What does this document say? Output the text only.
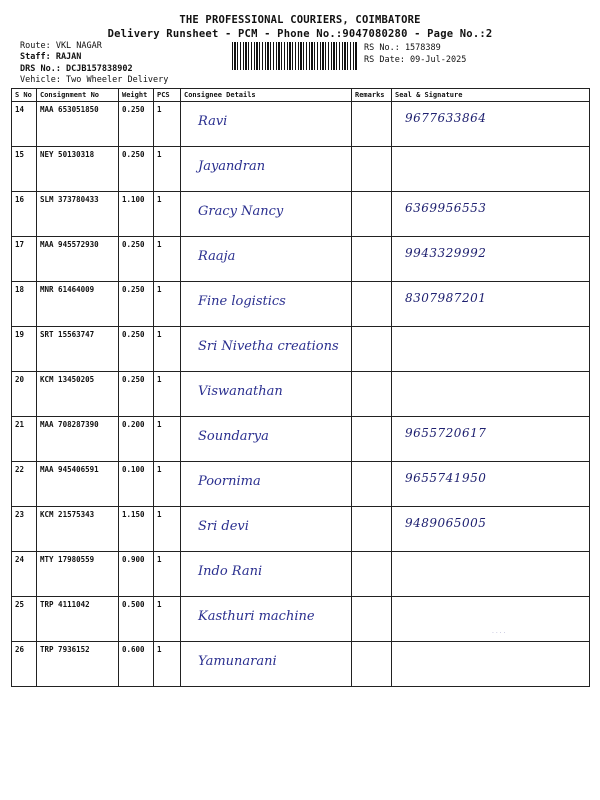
THE PROFESSIONAL COURIERS, COIMBATORE
Delivery Runsheet - PCM - Phone No.:9047080280 - Page No.:2
Route: VKL NAGAR
Staff: RAJAN
DRS No.: DCJB157838902
Vehicle: Two Wheeler Delivery
RS No.: 1578389
RS Date: 09-Jul-2025
S No	Consignment No	Weight	PCS	Consignee Details	Remarks	Seal & Signature
14	MAA 653051850	0.250	1	Ravi		9677633864

15	NEY 50130318	0.250	1	Jayandran		

16	SLM 373780433	1.100	1	Gracy Nancy		6369956553

17	MAA 945572930	0.250	1	Raaja		9943329992

18	MNR 61464009	0.250	1	Fine logistics		8307987201

19	SRT 15563747	0.250	1	Sri Nivetha creations		

20	KCM 13450205	0.250	1	Viswanathan		

21	MAA 708287390	0.200	1	Soundarya		9655720617

22	MAA 945406591	0.100	1	Poornima		9655741950

23	KCM 21575343	1.150	1	Sri devi		9489065005

24	MTY 17980559	0.900	1	Indo Rani		

25	TRP 4111042	0.500	1	Kasthuri machine		

26	TRP 7936152	0.600	1	Yamunarani		

· · · ·
